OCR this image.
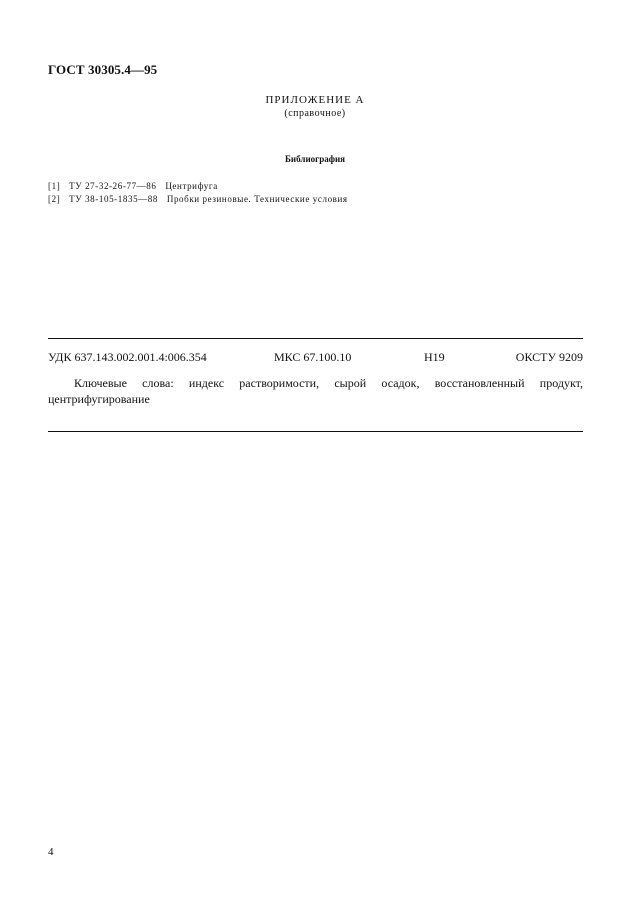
ГОСТ 30305.4—95
ПРИЛОЖЕНИЕ А
(справочное)
Библиография
[1] ТУ 27-32-26-77—86 Центрифуга
[2] ТУ 38-105-1835—88 Пробки резиновые. Технические условия
УДК 637.143.002.001.4:006.354	МКС 67.100.10	Н19	ОКСТУ 9209
Ключевые слова: индекс растворимости, сырой осадок, восстановленный продукт, центрифугирование
4
